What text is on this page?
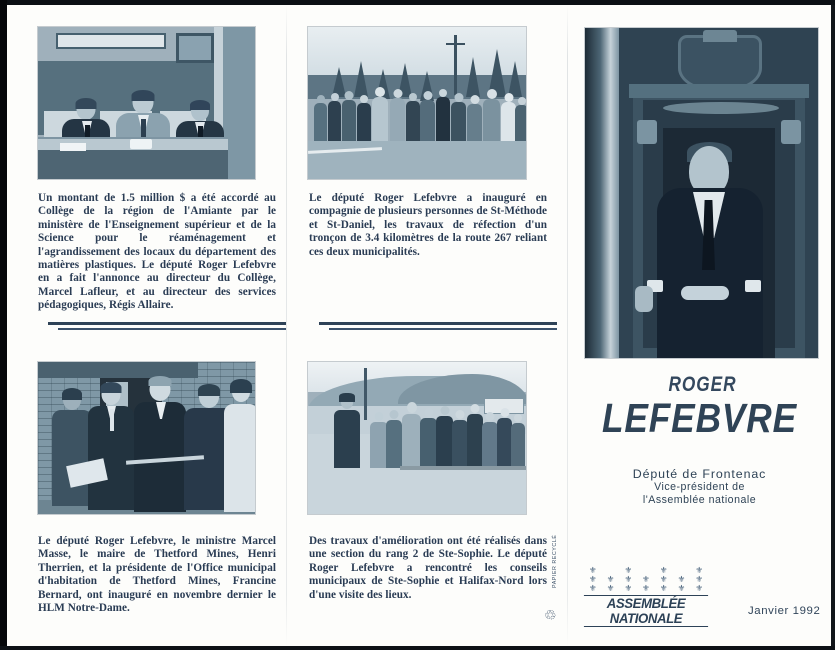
Un montant de 1.5 million $ a été accordé au Collège de la région de l'Amiante par le ministère de l'Enseignement supérieur et de la Science pour le réaménagement et l'agrandissement des locaux du département des matières plastiques. Le député Roger Lefebvre en a fait l'annonce au directeur du Collège, Marcel Lafleur, et au directeur des services pédagogiques, Régis Allaire.
Le député Roger Lefebvre a inauguré en compagnie de plusieurs personnes de St-Méthode et St-Daniel, les travaux de réfection d'un tronçon de 3.4 kilomètres de la route 267 reliant ces deux municipalités.
Le député Roger Lefebvre, le ministre Marcel Masse, le maire de Thetford Mines, Henri Therrien, et la présidente de l'Office municipal d'habitation de Thetford Mines, Francine Bernard, ont inauguré en novembre dernier le HLM Notre-Dame.
Des travaux d'amélioration ont été réalisés dans une section du rang 2 de Ste-Sophie. Le député Roger Lefebvre a rencontré les conseils municipaux de Ste-Sophie et Halifax-Nord lors d'une visite des lieux.
ROGER
LEFEBVRE
Député de Frontenac
Vice-président de
l'Assemblée nationale
⚜	⚜	⚜	⚜
⚜ ⚜ ⚜ ⚜ ⚜ ⚜ ⚜
⚜ ⚜ ⚜ ⚜ ⚜ ⚜ ⚜
ASSEMBLÉE NATIONALE	Janvier 1992
PAPIER RECYCLÉ
♲
